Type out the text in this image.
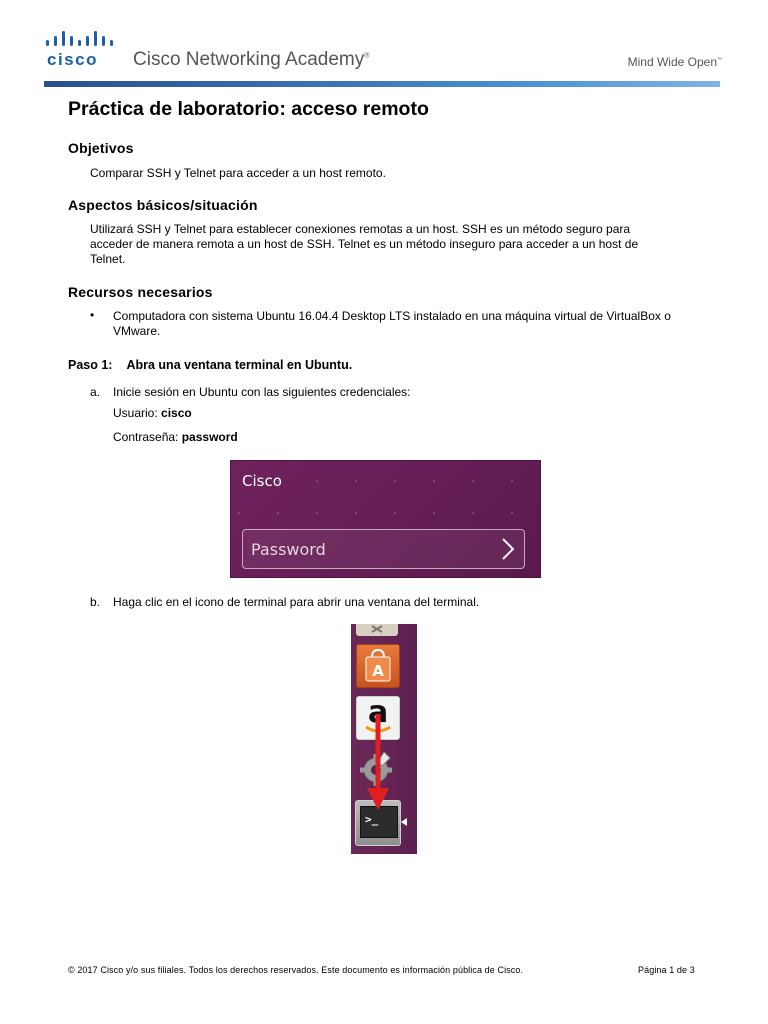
cisco Cisco Networking Academy®	Mind Wide Open™
Práctica de laboratorio: acceso remoto
Objetivos

Comparar SSH y Telnet para acceder a un host remoto.

Aspectos básicos/situación

Utilizará SSH y Telnet para establecer conexiones remotas a un host. SSH es un método seguro para

acceder de manera remota a un host de SSH. Telnet es un método inseguro para acceder a un host de

Telnet.

Recursos necesarios
• Computadora con sistema Ubuntu 16.04.4 Desktop LTS instalado en una máquina virtual de VirtualBox o

VMware.

Paso 1: Abra una ventana terminal en Ubuntu.
a. Inicie sesión en Ubuntu con las siguientes credenciales:

Usuario: cisco

Contraseña: password

b. Haga clic en el icono de terminal para abrir una ventana del terminal.

Cisco
Password
A
a
>_
© 2017 Cisco y/o sus filiales. Todos los derechos reservados. Este documento es información pública de Cisco.	Página 1 de 3
